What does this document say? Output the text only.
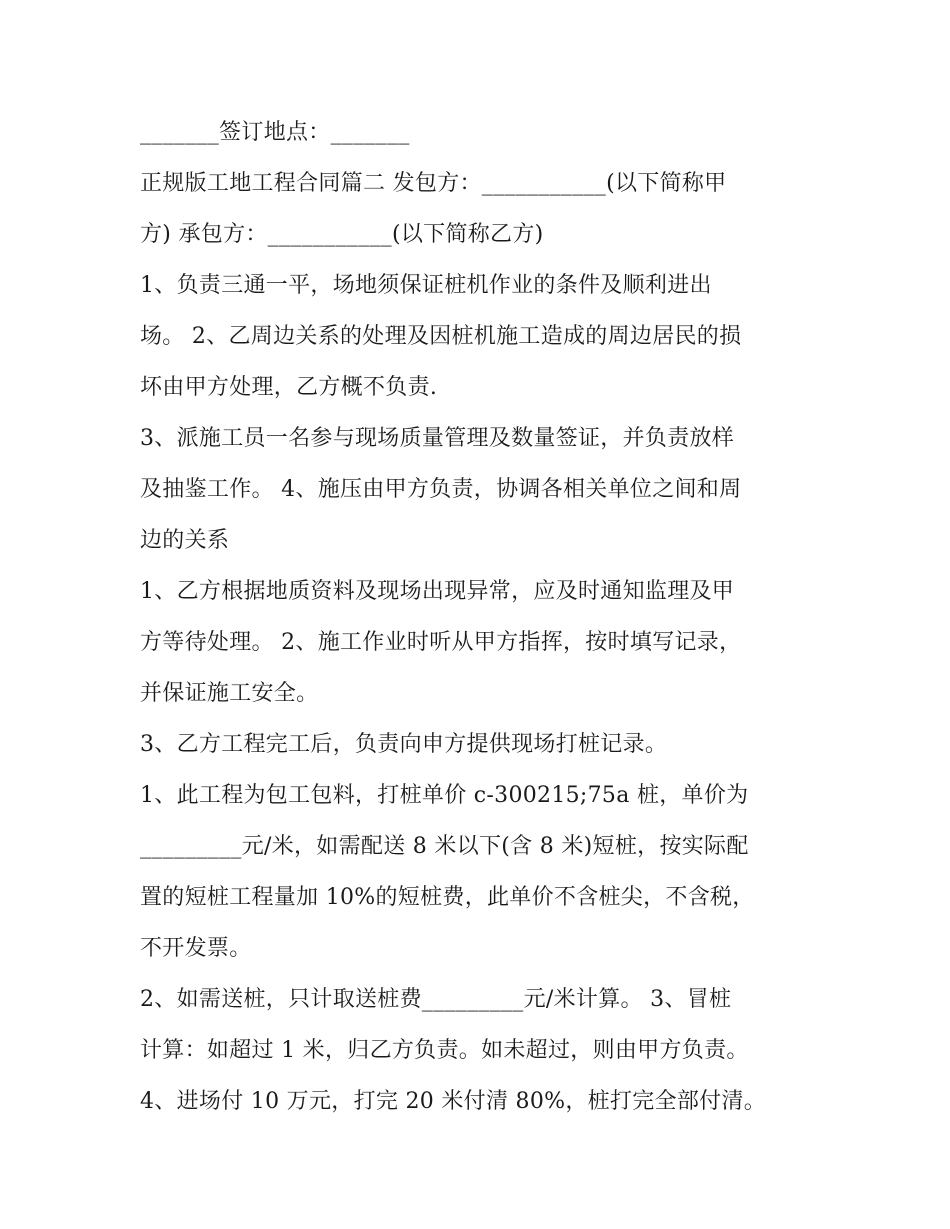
_______签订地点：_______
正规版工地工程合同篇二 发包方：___________(以下简称甲
方) 承包方：___________(以下简称乙方)
1、负责三通一平，场地须保证桩机作业的条件及顺利进出
场。 2、乙周边关系的处理及因桩机施工造成的周边居民的损
坏由甲方处理，乙方概不负责.
3、派施工员一名参与现场质量管理及数量签证，并负责放样
及抽鉴工作。 4、施压由甲方负责，协调各相关单位之间和周
边的关系
1、乙方根据地质资料及现场出现异常，应及时通知监理及甲
方等待处理。 2、施工作业时听从甲方指挥，按时填写记录，
并保证施工安全。
3、乙方工程完工后，负责向申方提供现场打桩记录。
1、此工程为包工包料，打桩单价 c-300215;75a 桩，单价为
_________元/米，如需配送 8 米以下(含 8 米)短桩，按实际配
置的短桩工程量加 10%的短桩费，此单价不含桩尖，不含税，
不开发票。
2、如需送桩，只计取送桩费_________元/米计算。 3、冒桩
计算：如超过 1 米，归乙方负责。如未超过，则由甲方负责。
4、进场付 10 万元，打完 20 米付清 80%，桩打完全部付清。
